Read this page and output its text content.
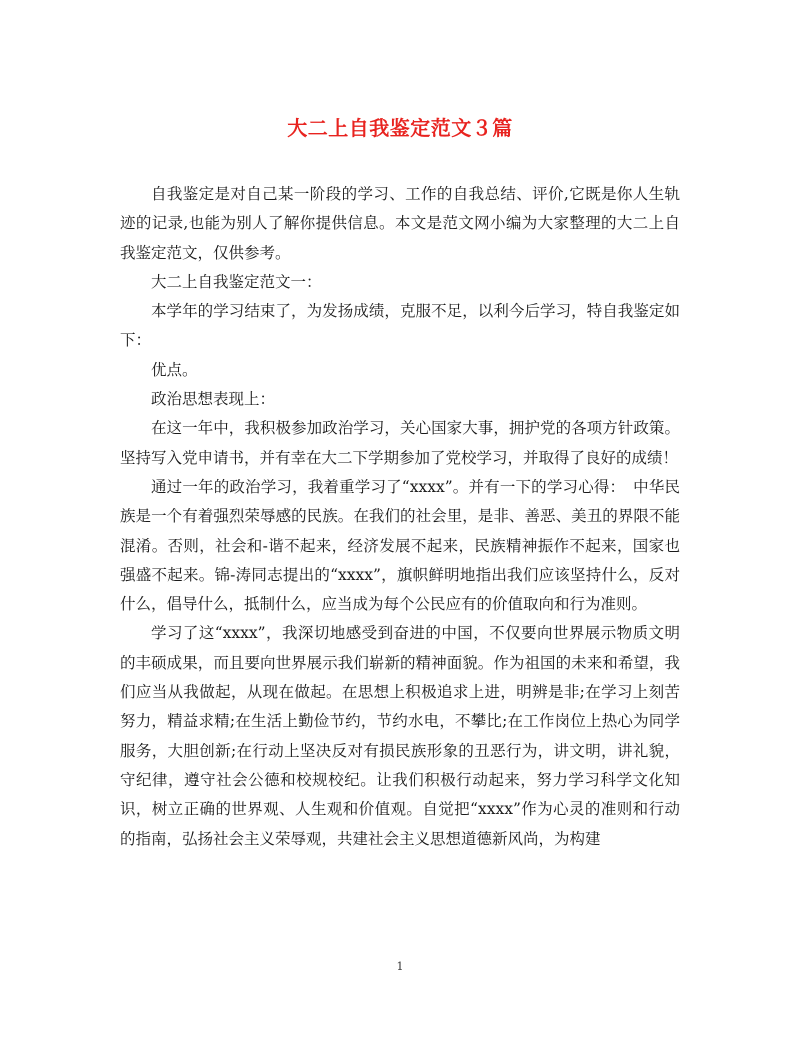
大二上自我鉴定范文３篇

自我鉴定是对自己某一阶段的学习、工作的自我总结、评价,它既是你人生轨迹的记录,也能为别人了解你提供信息。本文是范文网小编为大家整理的大二上自我鉴定范文，仅供参考。

大二上自我鉴定范文一：

本学年的学习结束了，为发扬成绩，克服不足，以利今后学习，特自我鉴定如下：

优点。

政治思想表现上：

在这一年中，我积极参加政治学习，关心国家大事，拥护党的各项方针政策。坚持写入党申请书，并有幸在大二下学期参加了党校学习，并取得了良好的成绩！

通过一年的政治学习，我着重学习了“xxxx”。并有一下的学习心得：　中华民族是一个有着强烈荣辱感的民族。在我们的社会里，是非、善恶、美丑的界限不能混淆。否则，社会和-谐不起来，经济发展不起来，民族精神振作不起来，国家也强盛不起来。锦-涛同志提出的“xxxx”，旗帜鲜明地指出我们应该坚持什么，反对什么，倡导什么，抵制什么，应当成为每个公民应有的价值取向和行为准则。

学习了这“xxxx”，我深切地感受到奋进的中国，不仅要向世界展示物质文明的丰硕成果，而且要向世界展示我们崭新的精神面貌。作为祖国的未来和希望，我们应当从我做起，从现在做起。在思想上积极追求上进，明辨是非;在学习上刻苦努力，精益求精;在生活上勤俭节约，节约水电，不攀比;在工作岗位上热心为同学服务，大胆创新;在行动上坚决反对有损民族形象的丑恶行为，讲文明，讲礼貌，守纪律，遵守社会公德和校规校纪。让我们积极行动起来，努力学习科学文化知识，树立正确的世界观、人生观和价值观。自觉把“xxxx”作为心灵的准则和行动的指南，弘扬社会主义荣辱观，共建社会主义思想道德新风尚，为构建

1
